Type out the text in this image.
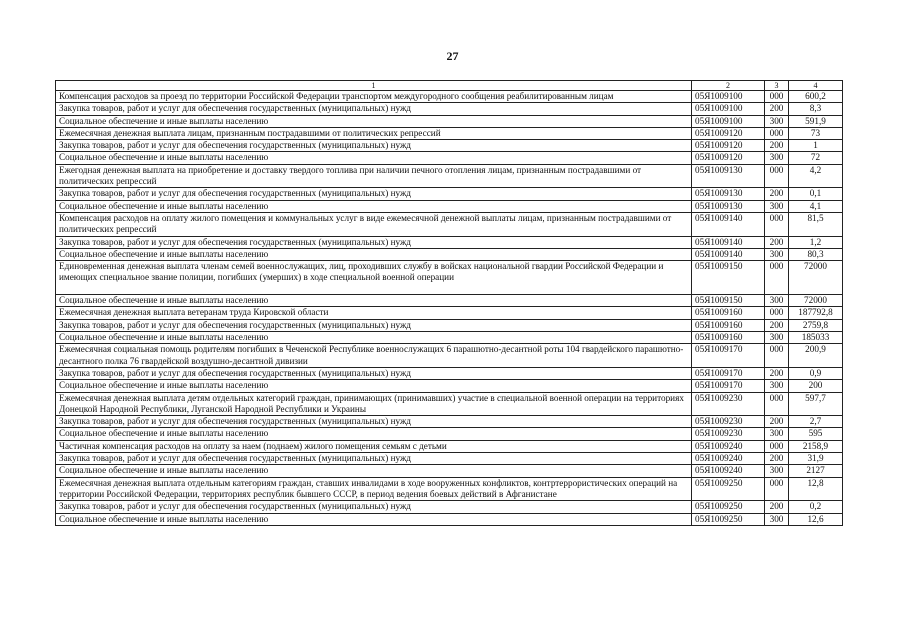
27
1	2	3	4
Компенсация расходов за проезд по территории Российской Федерации транспортом междугородного сообщения реабилитированным лицам	05Я1009100	000	600,2
Закупка товаров, работ и услуг для обеспечения государственных (муниципальных) нужд	05Я1009100	200	8,3
Социальное обеспечение и иные выплаты населению	05Я1009100	300	591,9
Ежемесячная денежная выплата лицам, признанным пострадавшими от политических репрессий	05Я1009120	000	73
Закупка товаров, работ и услуг для обеспечения государственных (муниципальных) нужд	05Я1009120	200	1
Социальное обеспечение и иные выплаты населению	05Я1009120	300	72
Ежегодная денежная выплата на приобретение и доставку твердого топлива при наличии печного отопления лицам, признанным пострадавшими от политических репрессий	05Я1009130	000	4,2
Закупка товаров, работ и услуг для обеспечения государственных (муниципальных) нужд	05Я1009130	200	0,1
Социальное обеспечение и иные выплаты населению	05Я1009130	300	4,1
Компенсация расходов на оплату жилого помещения и коммунальных услуг в виде ежемесячной денежной выплаты лицам, признанным пострадавшими от политических репрессий	05Я1009140	000	81,5
Закупка товаров, работ и услуг для обеспечения государственных (муниципальных) нужд	05Я1009140	200	1,2
Социальное обеспечение и иные выплаты населению	05Я1009140	300	80,3
Единовременная денежная выплата членам семей военнослужащих, лиц, проходивших службу в войсках национальной гвардии Российской Федерации и имеющих специальное звание полиции, погибших (умерших) в ходе специальной военной операции	05Я1009150	000	72000
Социальное обеспечение и иные выплаты населению	05Я1009150	300	72000
Ежемесячная денежная выплата ветеранам труда Кировской области	05Я1009160	000	187792,8
Закупка товаров, работ и услуг для обеспечения государственных (муниципальных) нужд	05Я1009160	200	2759,8
Социальное обеспечение и иные выплаты населению	05Я1009160	300	185033
Ежемесячная социальная помощь родителям погибших в Чеченской Республике военнослужащих 6 парашютно-десантной роты 104 гвардейского парашютно-десантного полка 76 гвардейской воздушно-десантной дивизии	05Я1009170	000	200,9
Закупка товаров, работ и услуг для обеспечения государственных (муниципальных) нужд	05Я1009170	200	0,9
Социальное обеспечение и иные выплаты населению	05Я1009170	300	200
Ежемесячная денежная выплата детям отдельных категорий граждан, принимающих (принимавших) участие в специальной военной операции на территориях Донецкой Народной Республики, Луганской Народной Республики и Украины	05Я1009230	000	597,7
Закупка товаров, работ и услуг для обеспечения государственных (муниципальных) нужд	05Я1009230	200	2,7
Социальное обеспечение и иные выплаты населению	05Я1009230	300	595
Частичная компенсация расходов на оплату за наем (поднаем) жилого помещения семьям с детьми	05Я1009240	000	2158,9
Закупка товаров, работ и услуг для обеспечения государственных (муниципальных) нужд	05Я1009240	200	31,9
Социальное обеспечение и иные выплаты населению	05Я1009240	300	2127
Ежемесячная денежная выплата отдельным категориям граждан, ставших инвалидами в ходе вооруженных конфликтов, контртеррористических операций на территории Российской Федерации, территориях республик бывшего СССР, в период ведения боевых действий в Афганистане	05Я1009250	000	12,8
Закупка товаров, работ и услуг для обеспечения государственных (муниципальных) нужд	05Я1009250	200	0,2
Социальное обеспечение и иные выплаты населению	05Я1009250	300	12,6
